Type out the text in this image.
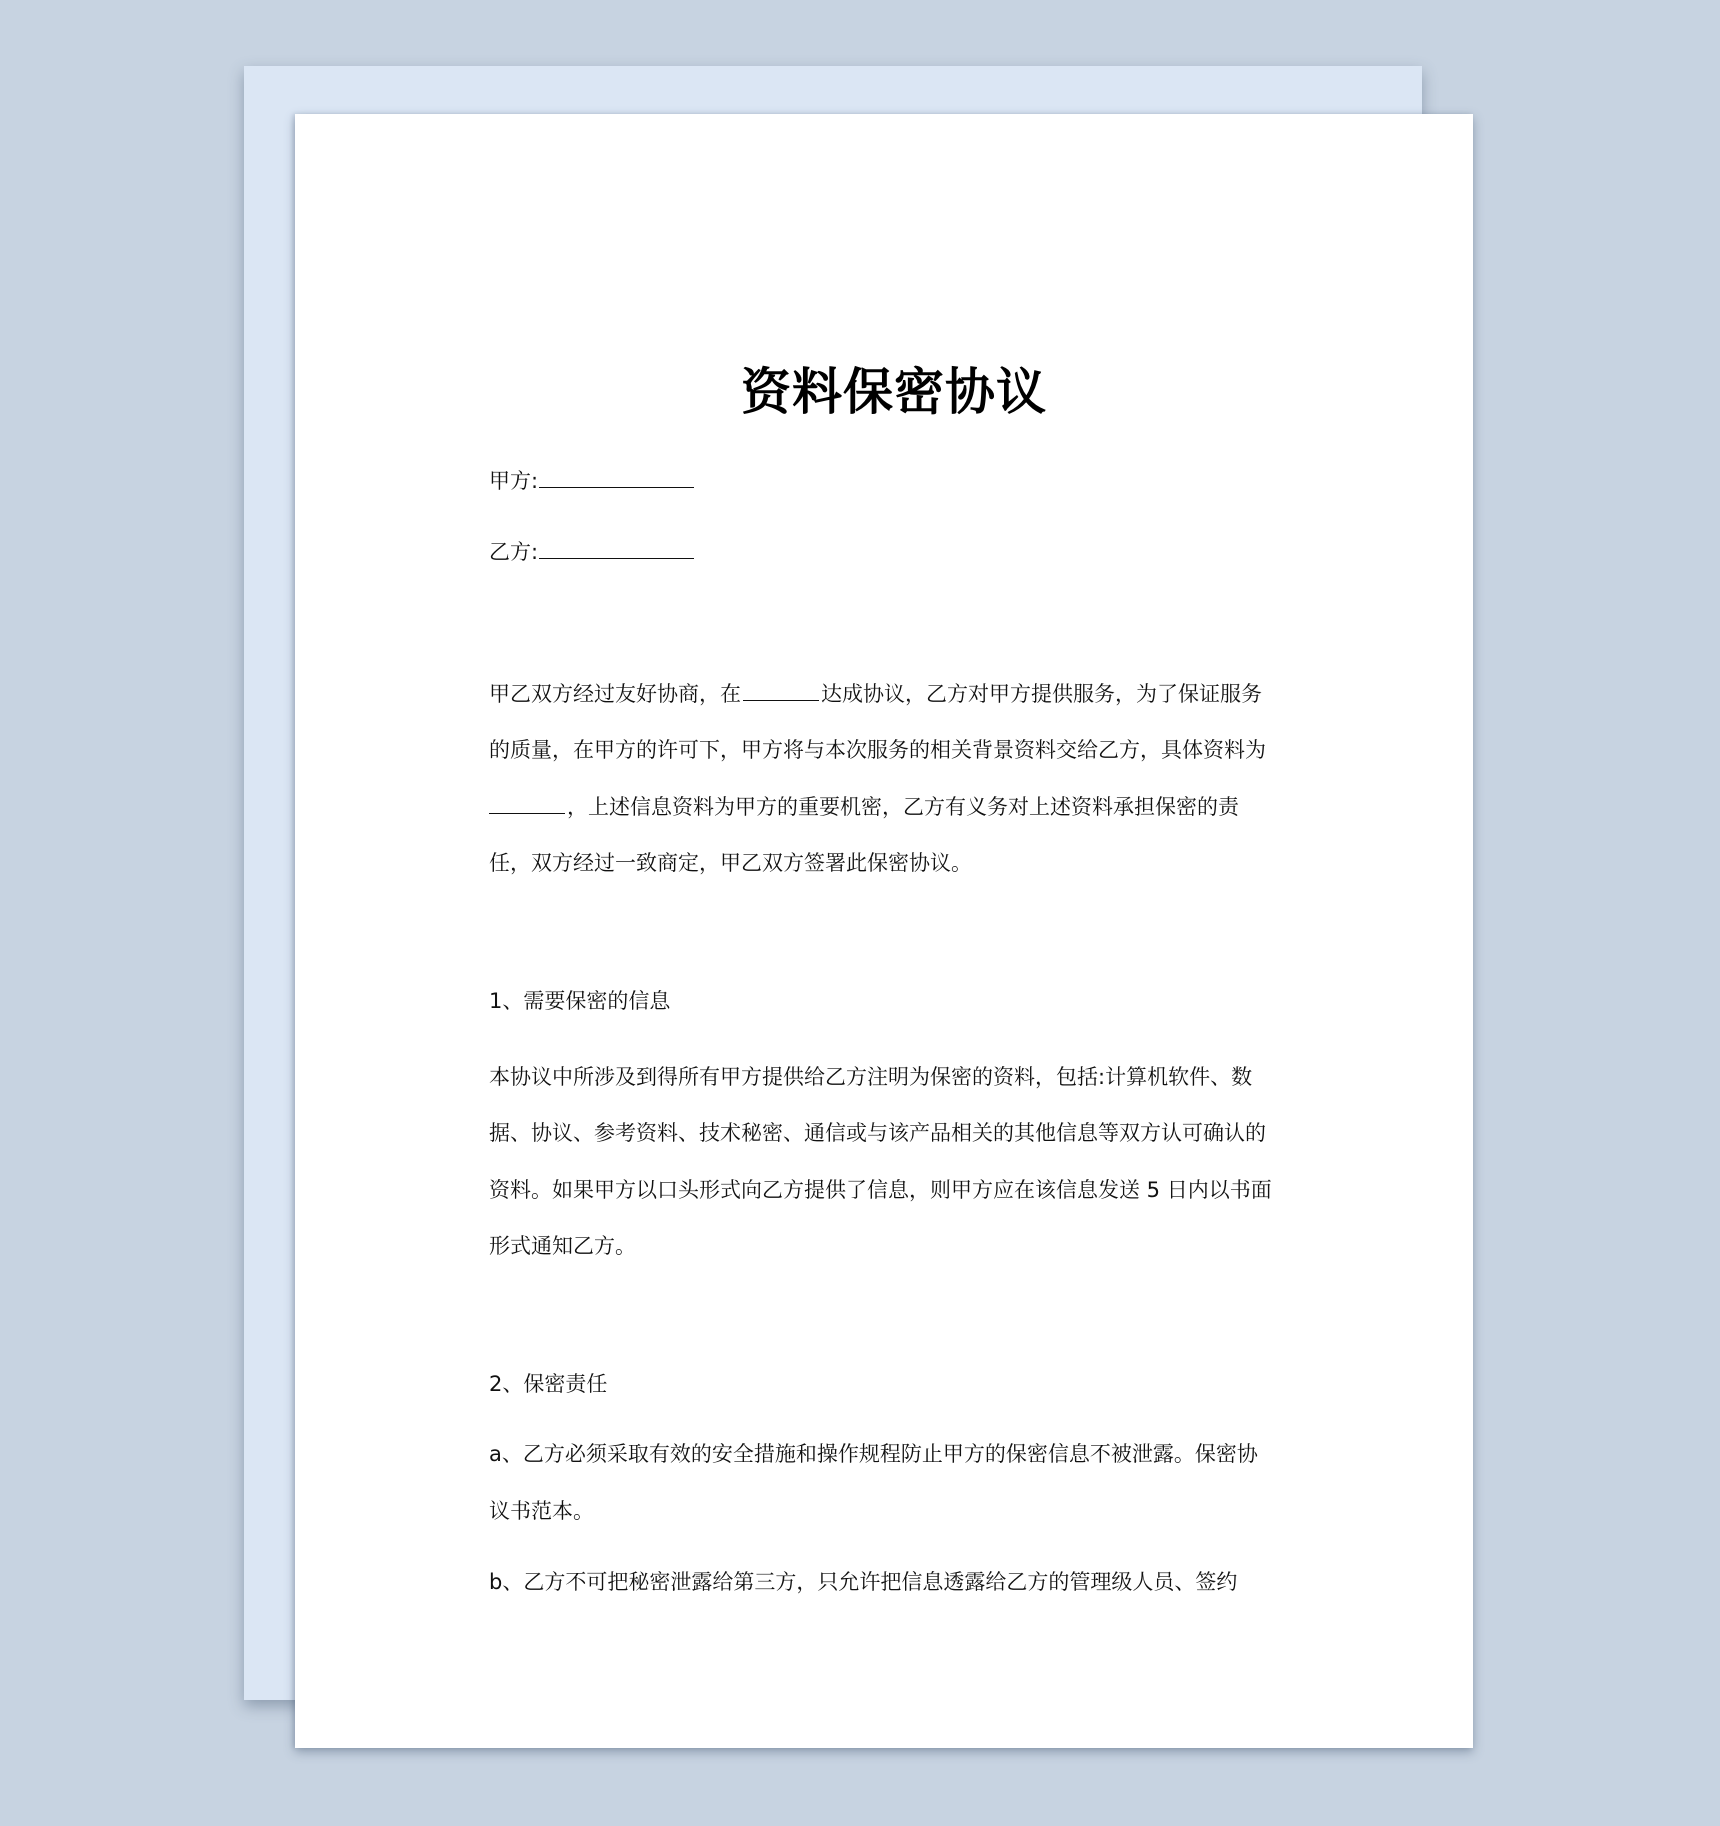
资料保密协议
甲方:
乙方:
甲乙双方经过友好协商，在	达成协议，乙方对甲方提供服务，为了保证服务
的质量，在甲方的许可下，甲方将与本次服务的相关背景资料交给乙方，具体资料为
，上述信息资料为甲方的重要机密，乙方有义务对上述资料承担保密的责
任，双方经过一致商定，甲乙双方签署此保密协议。
1、需要保密的信息
本协议中所涉及到得所有甲方提供给乙方注明为保密的资料，包括:计算机软件、数
据、协议、参考资料、技术秘密、通信或与该产品相关的其他信息等双方认可确认的
资料。如果甲方以口头形式向乙方提供了信息，则甲方应在该信息发送 5 日内以书面
形式通知乙方。
2、保密责任
a、乙方必须采取有效的安全措施和操作规程防止甲方的保密信息不被泄露。保密协
议书范本。
b、乙方不可把秘密泄露给第三方，只允许把信息透露给乙方的管理级人员、签约
